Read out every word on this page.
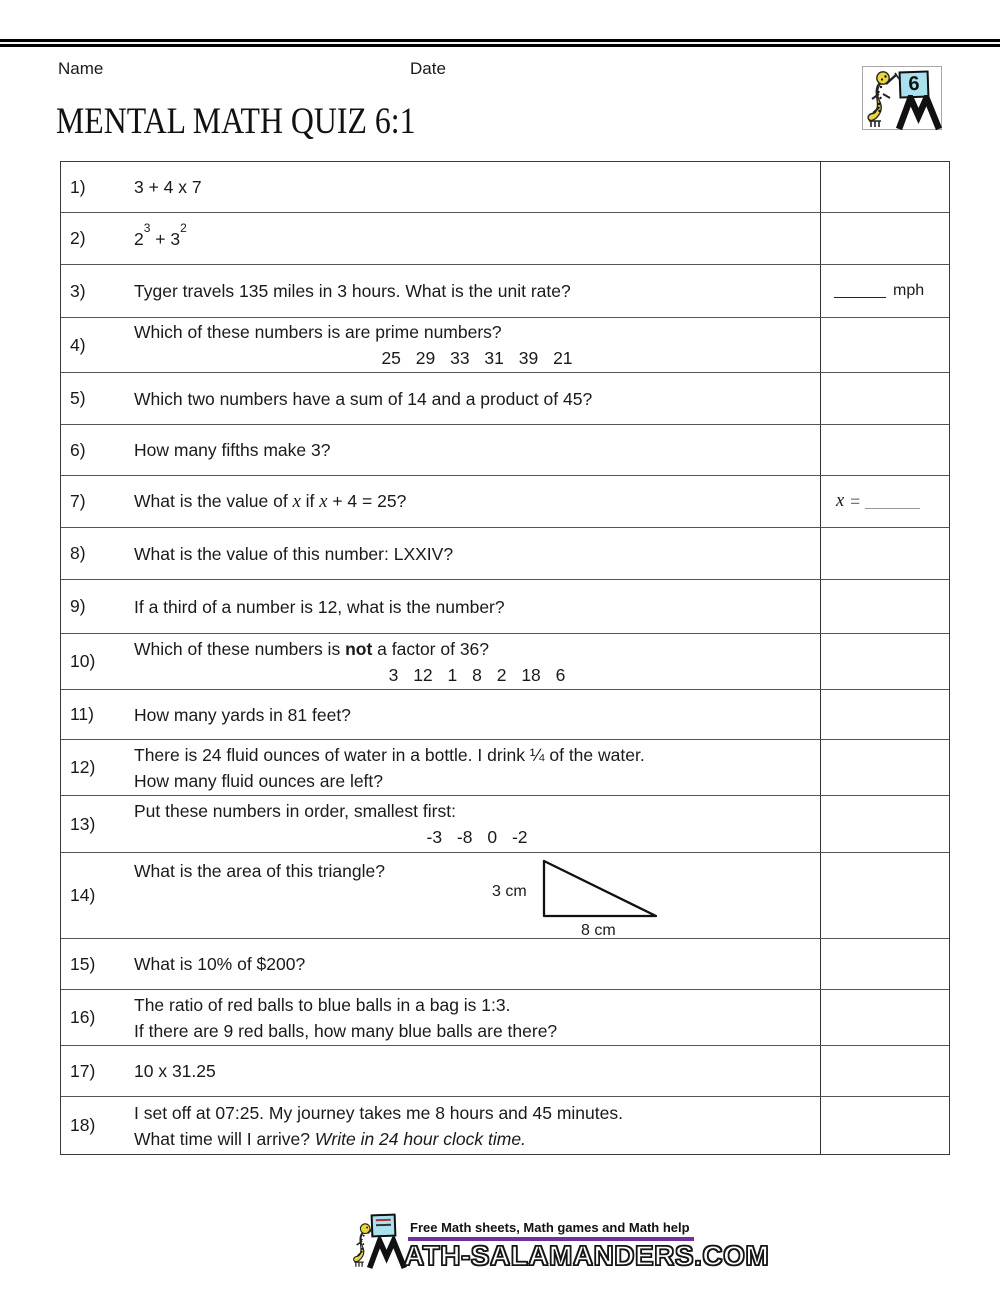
Name	Date
6
MENTAL MATH QUIZ 6:1
1)	3 + 4 x 7
2)	$2^3 + 3^2$
3)	Tyger travels 135 miles in 3 hours. What is the unit rate?	mph
4)
Which of these numbers is are prime numbers?
25 29 33 31 39 21
5)	Which two numbers have a sum of 14 and a product of 45?
6)	How many fifths make 3?
7)	What is the value of x if x + 4 = 25?	x =
8)	What is the value of this number: LXXIV?
9)	If a third of a number is 12, what is the number?
10)
Which of these numbers is not a factor of 36?
3 12 1 8 2 18 6
11)	How many yards in 81 feet?
12)
There is 24 fluid ounces of water in a bottle. I drink ¼ of the water.
How many fluid ounces are left?
13)
Put these numbers in order, smallest first:
-3 -8 0 -2
14)
What is the area of this triangle?
3 cm
8 cm
15)	What is 10% of $200?
16)
The ratio of red balls to blue balls in a bag is 1:3.
If there are 9 red balls, how many blue balls are there?
17)	10 x 31.25
18)
I set off at 07:25. My journey takes me 8 hours and 45 minutes.
What time will I arrive? Write in 24 hour clock time.
Free Math sheets, Math games and Math help
ATH-SALAMANDERS.COM
